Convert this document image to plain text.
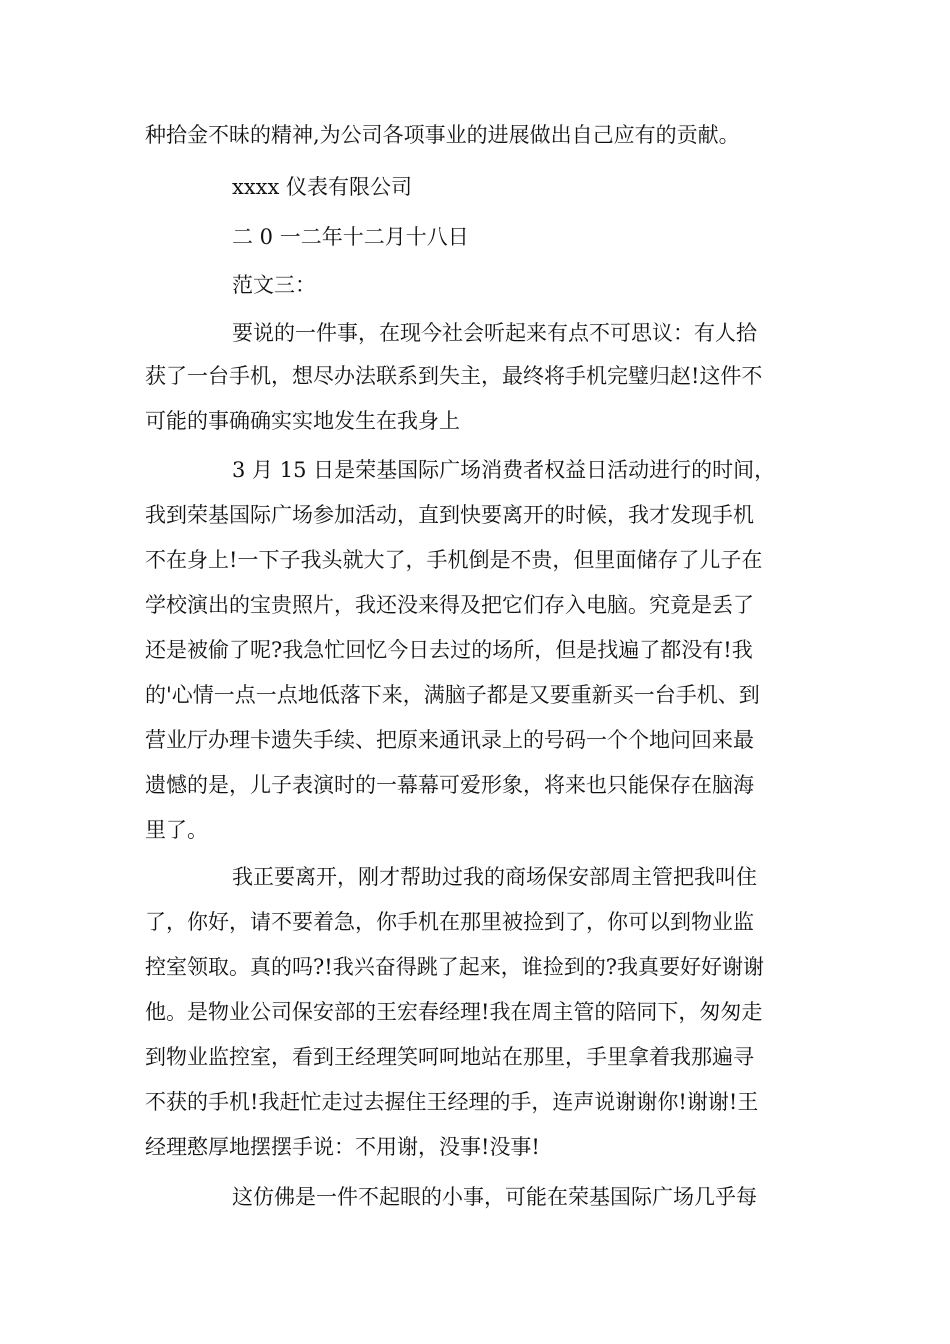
种拾金不昧的精神,为公司各项事业的进展做出自己应有的贡献。
xxxx 仪表有限公司
二 0 一二年十二月十八日
范文三：
要说的一件事，在现今社会听起来有点不可思议：有人拾
获了一台手机，想尽办法联系到失主，最终将手机完璧归赵!这件不
可能的事确确实实地发生在我身上
3 月 15 日是荣基国际广场消费者权益日活动进行的时间，
我到荣基国际广场参加活动，直到快要离开的时候，我才发现手机
不在身上!一下子我头就大了，手机倒是不贵，但里面储存了儿子在
学校演出的宝贵照片，我还没来得及把它们存入电脑。究竟是丢了
还是被偷了呢?我急忙回忆今日去过的场所，但是找遍了都没有!我
的'心情一点一点地低落下来，满脑子都是又要重新买一台手机、到
营业厅办理卡遗失手续、把原来通讯录上的号码一个个地问回来最
遗憾的是，儿子表演时的一幕幕可爱形象，将来也只能保存在脑海
里了。
我正要离开，刚才帮助过我的商场保安部周主管把我叫住
了，你好，请不要着急，你手机在那里被捡到了，你可以到物业监
控室领取。真的吗?!我兴奋得跳了起来，谁捡到的?我真要好好谢谢
他。是物业公司保安部的王宏春经理!我在周主管的陪同下，匆匆走
到物业监控室，看到王经理笑呵呵地站在那里，手里拿着我那遍寻
不获的手机!我赶忙走过去握住王经理的手，连声说谢谢你!谢谢!王
经理憨厚地摆摆手说：不用谢，没事!没事!
这仿佛是一件不起眼的小事，可能在荣基国际广场几乎每
